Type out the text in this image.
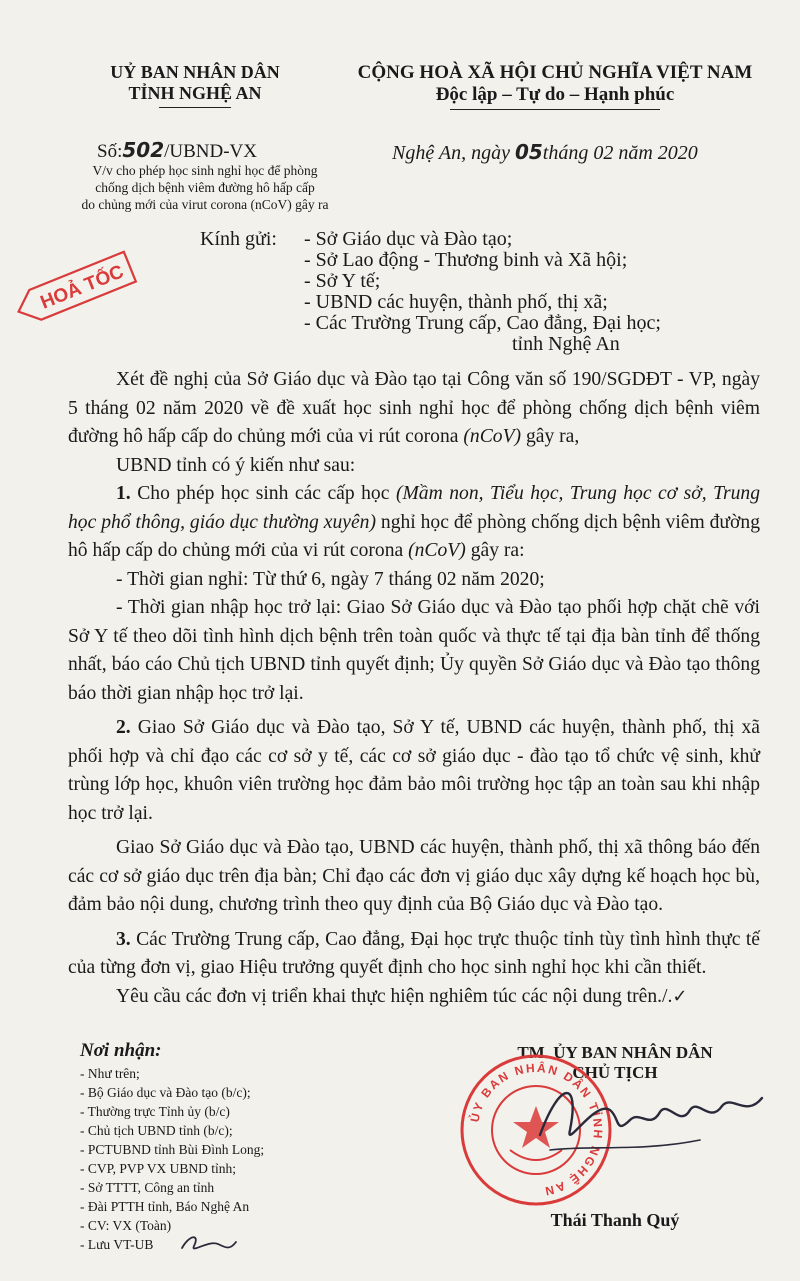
UỶ BAN NHÂN DÂN
TỈNH NGHỆ AN
CỘNG HOÀ XÃ HỘI CHỦ NGHĨA VIỆT NAM
Độc lập – Tự do – Hạnh phúc
Số:502/UBND-VX
V/v cho phép học sinh nghỉ học để phòng
chống dịch bệnh viêm đường hô hấp cấp
do chủng mới của virut corona (nCoV) gây ra
Nghệ An, ngày 05tháng 02 năm 2020
HOẢ TỐC
Kính gửi:	- Sở Giáo dục và Đào tạo;
- Sở Lao động - Thương binh và Xã hội;
- Sở Y tế;
- UBND các huyện, thành phố, thị xã;
- Các Trường Trung cấp, Cao đẳng, Đại học;
tỉnh Nghệ An

Xét đề nghị của Sở Giáo dục và Đào tạo tại Công văn số 190/SGDĐT - VP, ngày 5 tháng 02 năm 2020 về đề xuất học sinh nghỉ học để phòng chống dịch bệnh viêm đường hô hấp cấp do chủng mới của vi rút corona (nCoV) gây ra,

UBND tỉnh có ý kiến như sau:

1. Cho phép học sinh các cấp học (Mầm non, Tiểu học, Trung học cơ sở, Trung học phổ thông, giáo dục thường xuyên) nghỉ học để phòng chống dịch bệnh viêm đường hô hấp cấp do chủng mới của vi rút corona (nCoV) gây ra:

- Thời gian nghỉ: Từ thứ 6, ngày 7 tháng 02 năm 2020;

- Thời gian nhập học trở lại: Giao Sở Giáo dục và Đào tạo phối hợp chặt chẽ với Sở Y tế theo dõi tình hình dịch bệnh trên toàn quốc và thực tế tại địa bàn tỉnh để thống nhất, báo cáo Chủ tịch UBND tỉnh quyết định; Ủy quyền Sở Giáo dục và Đào tạo thông báo thời gian nhập học trở lại.

2. Giao Sở Giáo dục và Đào tạo, Sở Y tế, UBND các huyện, thành phố, thị xã phối hợp và chỉ đạo các cơ sở y tế, các cơ sở giáo dục - đào tạo tổ chức vệ sinh, khử trùng lớp học, khuôn viên trường học đảm bảo môi trường học tập an toàn sau khi nhập học trở lại.

Giao Sở Giáo dục và Đào tạo, UBND các huyện, thành phố, thị xã thông báo đến các cơ sở giáo dục trên địa bàn; Chỉ đạo các đơn vị giáo dục xây dựng kế hoạch học bù, đảm bảo nội dung, chương trình theo quy định của Bộ Giáo dục và Đào tạo.

3. Các Trường Trung cấp, Cao đẳng, Đại học trực thuộc tỉnh tùy tình hình thực tế của từng đơn vị, giao Hiệu trưởng quyết định cho học sinh nghỉ học khi cần thiết.

Yêu cầu các đơn vị triển khai thực hiện nghiêm túc các nội dung trên./.✓

Nơi nhận:
- Như trên;
- Bộ Giáo dục và Đào tạo (b/c);
- Thường trực Tỉnh ủy (b/c)
- Chủ tịch UBND tỉnh (b/c);
- PCTUBND tỉnh Bùi Đình Long;
- CVP, PVP VX UBND tỉnh;
- Sở TTTT, Công an tỉnh
- Đài PTTH tỉnh, Báo Nghệ An
- CV: VX (Toàn)
- Lưu VT-UB
TM. ỦY BAN NHÂN DÂN
CHỦ TỊCH
ỦY BAN NHÂN DÂN TỈNH NGHỆ AN
Thái Thanh Quý
